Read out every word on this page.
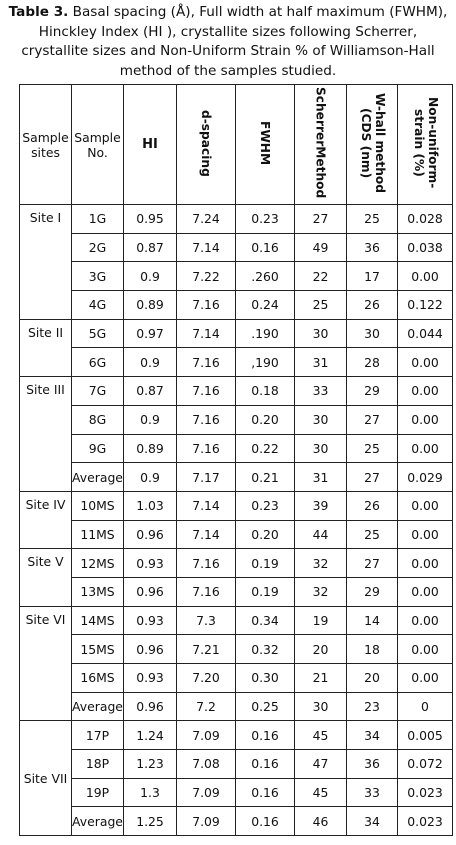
Table 3. Basal spacing (Å), Full width at half maximum (FWHM), Hinckley Index (HI ), crystallite sizes following Scherrer, crystallite sizes and Non-Uniform Strain % of Williamson-Hall method of the samples studied.
Sample sites	Sample No.	HI	d-spacing	FWHM	ScherrerMethod	W-hall method (CDS (nm)	Non-uniform-strain (%)
Site I	1G	0.95	7.24	0.23	27	25	0.028
	2G	0.87	7.14	0.16	49	36	0.038
	3G	0.9	7.22	.260	22	17	0.00
	4G	0.89	7.16	0.24	25	26	0.122
Site II	5G	0.97	7.14	.190	30	30	0.044
	6G	0.9	7.16	,190	31	28	0.00
Site III	7G	0.87	7.16	0.18	33	29	0.00
	8G	0.9	7.16	0.20	30	27	0.00
	9G	0.89	7.16	0.22	30	25	0.00
	Average	0.9	7.17	0.21	31	27	0.029
Site IV	10MS	1.03	7.14	0.23	39	26	0.00
	11MS	0.96	7.14	0.20	44	25	0.00
Site V	12MS	0.93	7.16	0.19	32	27	0.00
	13MS	0.96	7.16	0.19	32	29	0.00
Site VI	14MS	0.93	7.3	0.34	19	14	0.00
	15MS	0.96	7.21	0.32	20	18	0.00
	16MS	0.93	7.20	0.30	21	20	0.00
	Average	0.96	7.2	0.25	30	23	0
Site VII	17P	1.24	7.09	0.16	45	34	0.005
	18P	1.23	7.08	0.16	47	36	0.072
	19P	1.3	7.09	0.16	45	33	0.023
	Average	1.25	7.09	0.16	46	34	0.023
